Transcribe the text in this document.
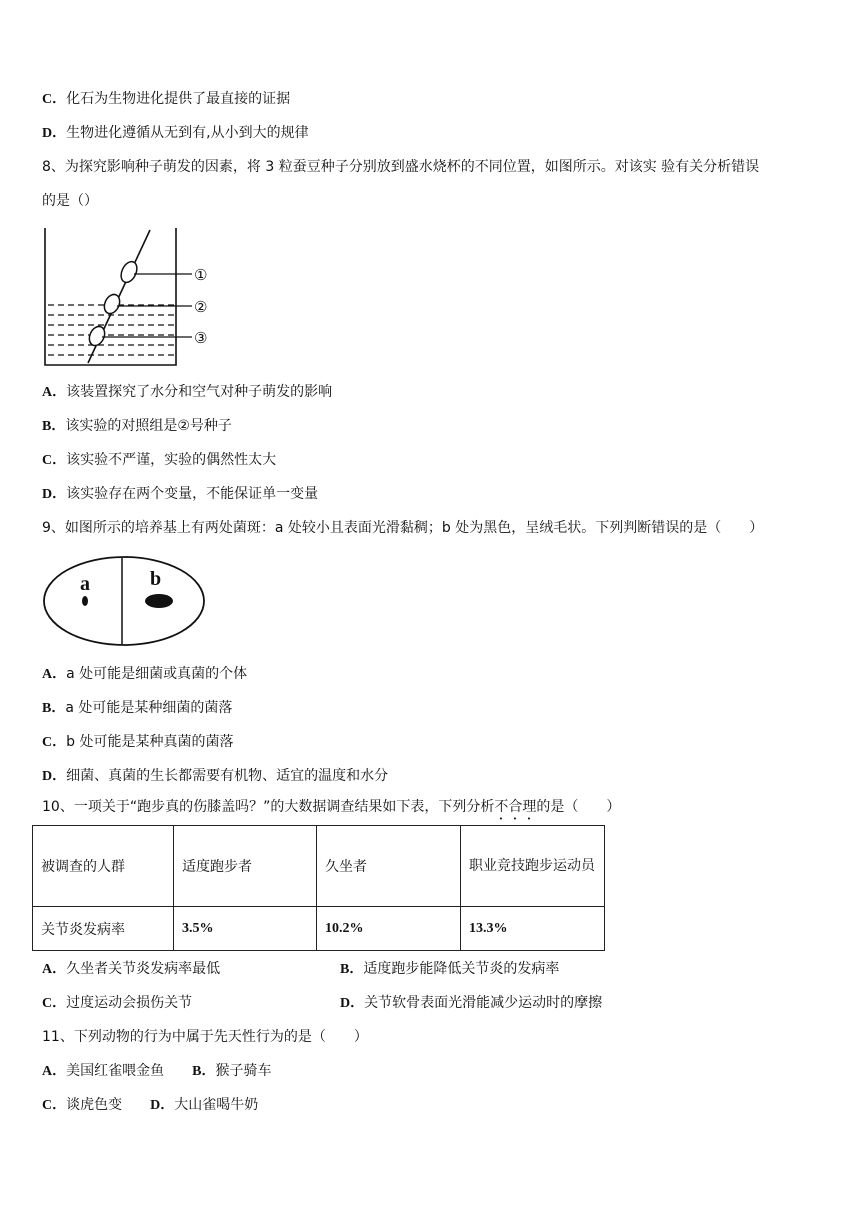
C．化石为生物进化提供了最直接的证据
D．生物进化遵循从无到有,从小到大的规律
8、为探究影响种子萌发的因素，将 3 粒蚕豆种子分别放到盛水烧杯的不同位置，如图所示。对该实 验有关分析错误
的是（）
①
②
③
A．该装置探究了水分和空气对种子萌发的影响
B．该实验的对照组是②号种子
C．该实验不严谨，实验的偶然性太大
D．该实验存在两个变量，不能保证单一变量
9、如图所示的培养基上有两处菌斑：a 处较小且表面光滑黏稠；b 处为黑色，呈绒毛状。下列判断错误的是（　　）
a	b
A．a 处可能是细菌或真菌的个体
B．a 处可能是某种细菌的菌落
C．b 处可能是某种真菌的菌落
D．细菌、真菌的生长都需要有机物、适宜的温度和水分
10、一项关于“跑步真的伤膝盖吗？”的大数据调查结果如下表，下列分析不合理的是（　　）
被调查的人群	适度跑步者	久坐者	职业竞技跑步运动员
关节炎发病率	3.5%	10.2%	13.3%
A．久坐者关节炎发病率最低	B．适度跑步能降低关节炎的发病率
C．过度运动会损伤关节	D．关节软骨表面光滑能减少运动时的摩擦
11、下列动物的行为中属于先天性行为的是（　　）
A．美国红雀喂金鱼 B．猴子骑车
C．谈虎色变 D．大山雀喝牛奶
